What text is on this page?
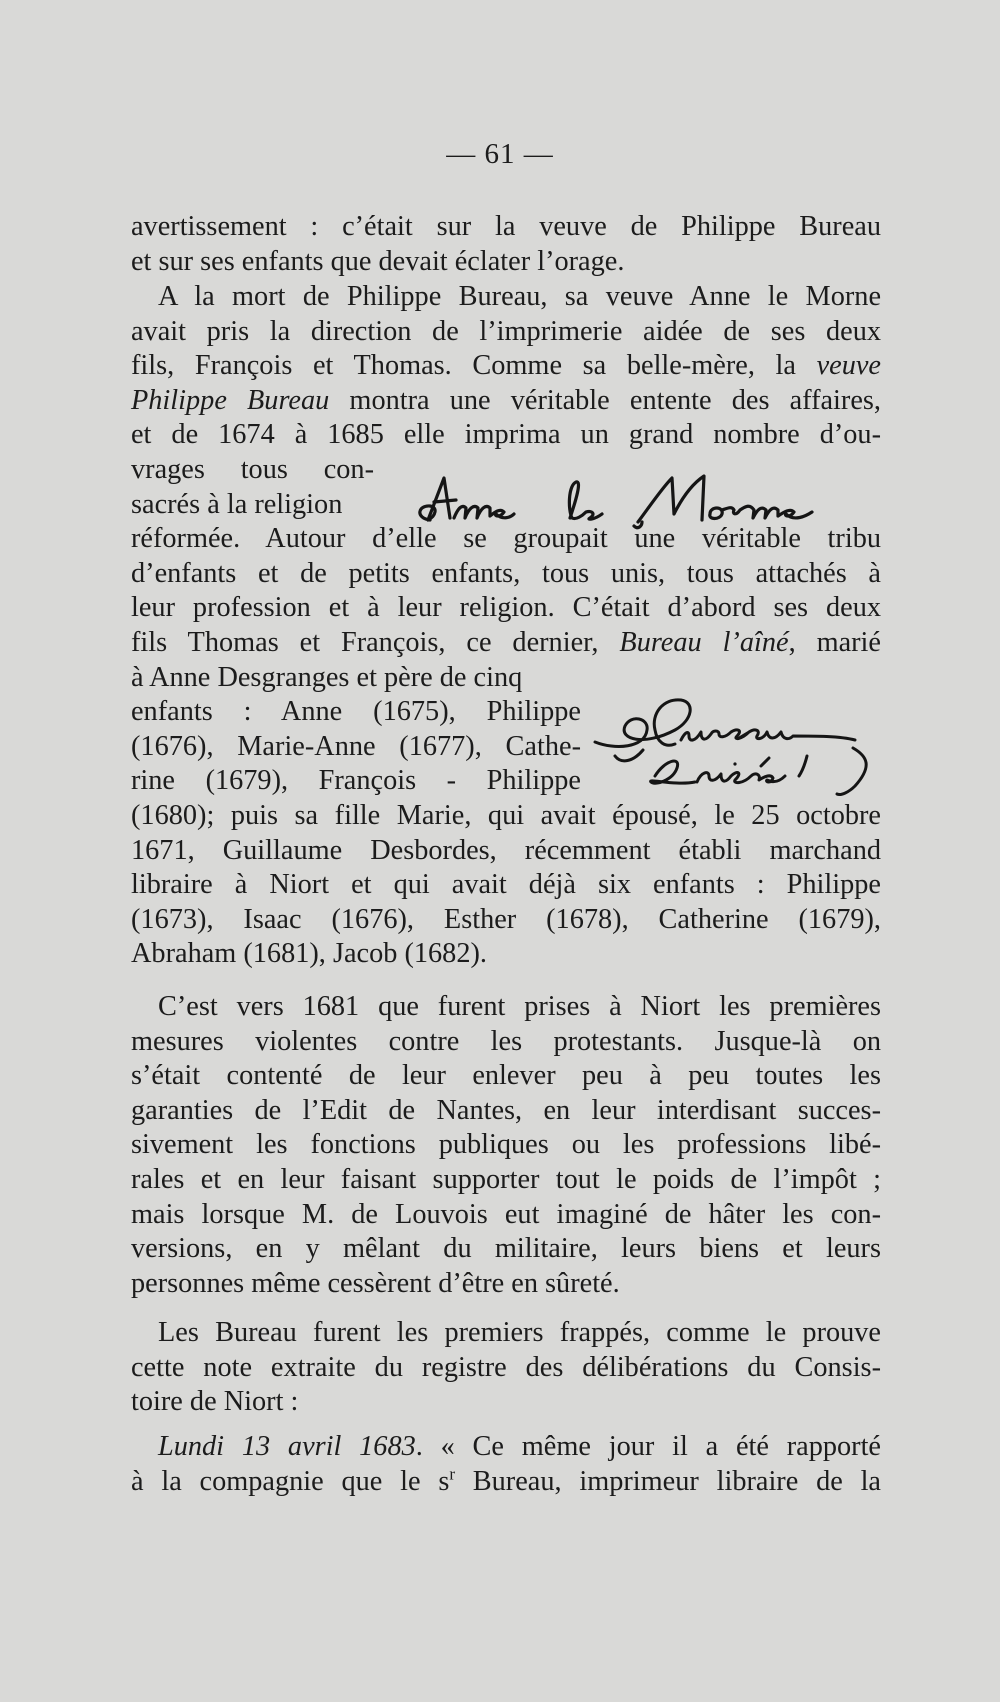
— 61 —
avertissement : c’était sur la veuve de Philippe Bureau
et sur ses enfants que devait éclater l’orage.
A la mort de Philippe Bureau, sa veuve Anne le Morne
avait pris la direction de l’imprimerie aidée de ses deux
fils, François et Thomas. Comme sa belle-mère, la veuve
Philippe Bureau montra une véritable entente des affaires,
et de 1674 à 1685 elle imprima un grand nombre d’ou-
vrages tous con-
sacrés à la religion
réformée. Autour d’elle se groupait une véritable tribu
d’enfants et de petits enfants, tous unis, tous attachés à
leur profession et à leur religion. C’était d’abord ses deux
fils Thomas et François, ce dernier, Bureau l’aîné, marié
à Anne Desgranges et père de cinq
enfants : Anne (1675), Philippe
(1676), Marie-Anne (1677), Cathe-
rine (1679), François - Philippe
(1680); puis sa fille Marie, qui avait épousé, le 25 octobre
1671, Guillaume Desbordes, récemment établi marchand
libraire à Niort et qui avait déjà six enfants : Philippe
(1673), Isaac (1676), Esther (1678), Catherine (1679),
Abraham (1681), Jacob (1682).
C’est vers 1681 que furent prises à Niort les premières
mesures violentes contre les protestants. Jusque-là on
s’était contenté de leur enlever peu à peu toutes les
garanties de l’Edit de Nantes, en leur interdisant succes-
sivement les fonctions publiques ou les professions libé-
rales et en leur faisant supporter tout le poids de l’impôt ;
mais lorsque M. de Louvois eut imaginé de hâter les con-
versions, en y mêlant du militaire, leurs biens et leurs
personnes même cessèrent d’être en sûreté.
Les Bureau furent les premiers frappés, comme le prouve
cette note extraite du registre des délibérations du Consis-
toire de Niort :
Lundi 13 avril 1683. « Ce même jour il a été rapporté
à la compagnie que le $s^r$ Bureau, imprimeur libraire de la
